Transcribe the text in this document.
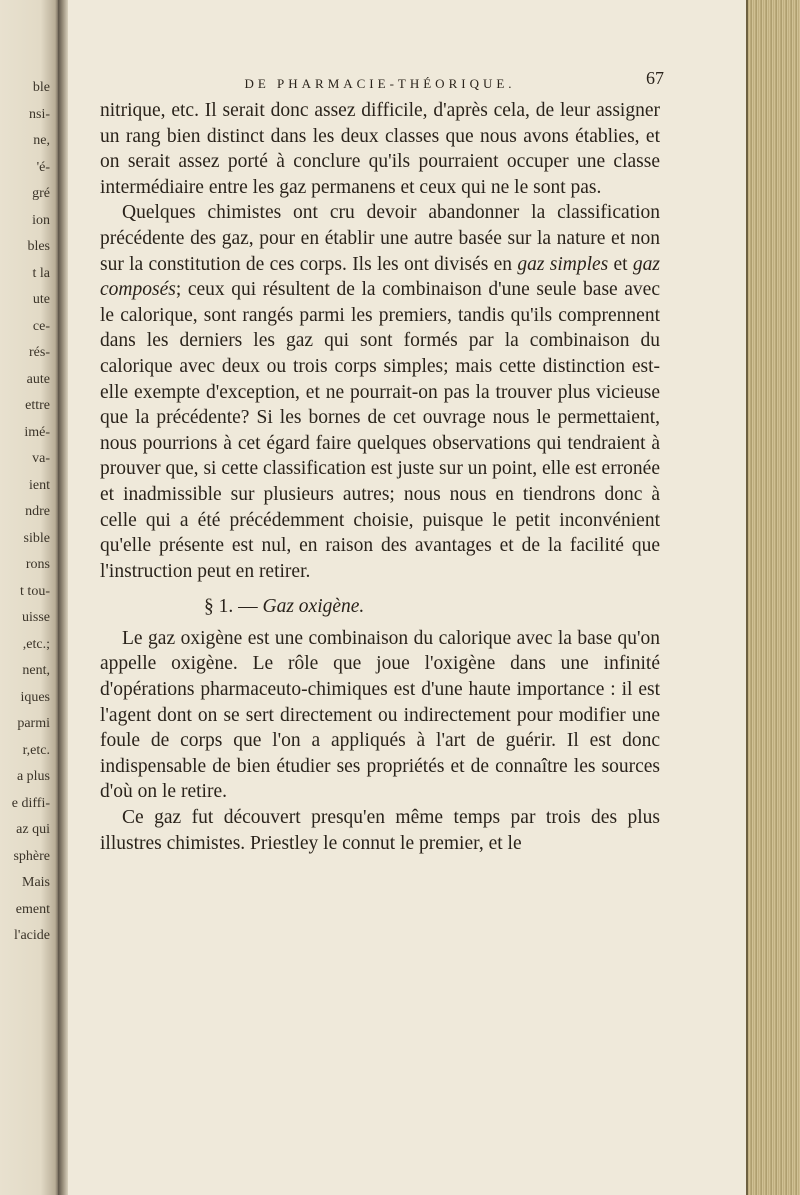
ble
nsi-
ne,
'é-
gré
ion
bles
t la
ute
ce-
rés-
aute
ettre
imé-
va-
ient
ndre
sible
rons
t tou-
uisse
,etc.;
nent,
iques
parmi
r,etc.
a plus
e diffi-
az qui
sphère
Mais
ement
l'acide
DE PHARMACIE-THÉORIQUE.	67

nitrique, etc. Il serait donc assez difficile, d'après cela, de leur assigner un rang bien distinct dans les deux classes que nous avons établies, et on serait assez porté à conclure qu'ils pourraient occuper une classe intermédiaire entre les gaz permanens et ceux qui ne le sont pas.

Quelques chimistes ont cru devoir abandonner la classification précédente des gaz, pour en établir une autre basée sur la nature et non sur la constitution de ces corps. Ils les ont divisés en gaz simples et gaz composés; ceux qui résultent de la combinaison d'une seule base avec le calorique, sont rangés parmi les premiers, tandis qu'ils comprennent dans les derniers les gaz qui sont formés par la combinaison du calorique avec deux ou trois corps simples; mais cette distinction est-elle exempte d'exception, et ne pourrait-on pas la trouver plus vicieuse que la précédente? Si les bornes de cet ouvrage nous le permettaient, nous pourrions à cet égard faire quelques observations qui tendraient à prouver que, si cette classification est juste sur un point, elle est erronée et inadmissible sur plusieurs autres; nous nous en tiendrons donc à celle qui a été précédemment choisie, puisque le petit inconvénient qu'elle présente est nul, en raison des avantages et de la facilité que l'instruction peut en retirer.

§ 1. — Gaz oxigène.

Le gaz oxigène est une combinaison du calorique avec la base qu'on appelle oxigène. Le rôle que joue l'oxigène dans une infinité d'opérations pharmaceuto-chimiques est d'une haute importance : il est l'agent dont on se sert directement ou indirectement pour modifier une foule de corps que l'on a appliqués à l'art de guérir. Il est donc indispensable de bien étudier ses propriétés et de connaître les sources d'où on le retire.

Ce gaz fut découvert presqu'en même temps par trois des plus illustres chimistes. Priestley le connut le premier, et le
